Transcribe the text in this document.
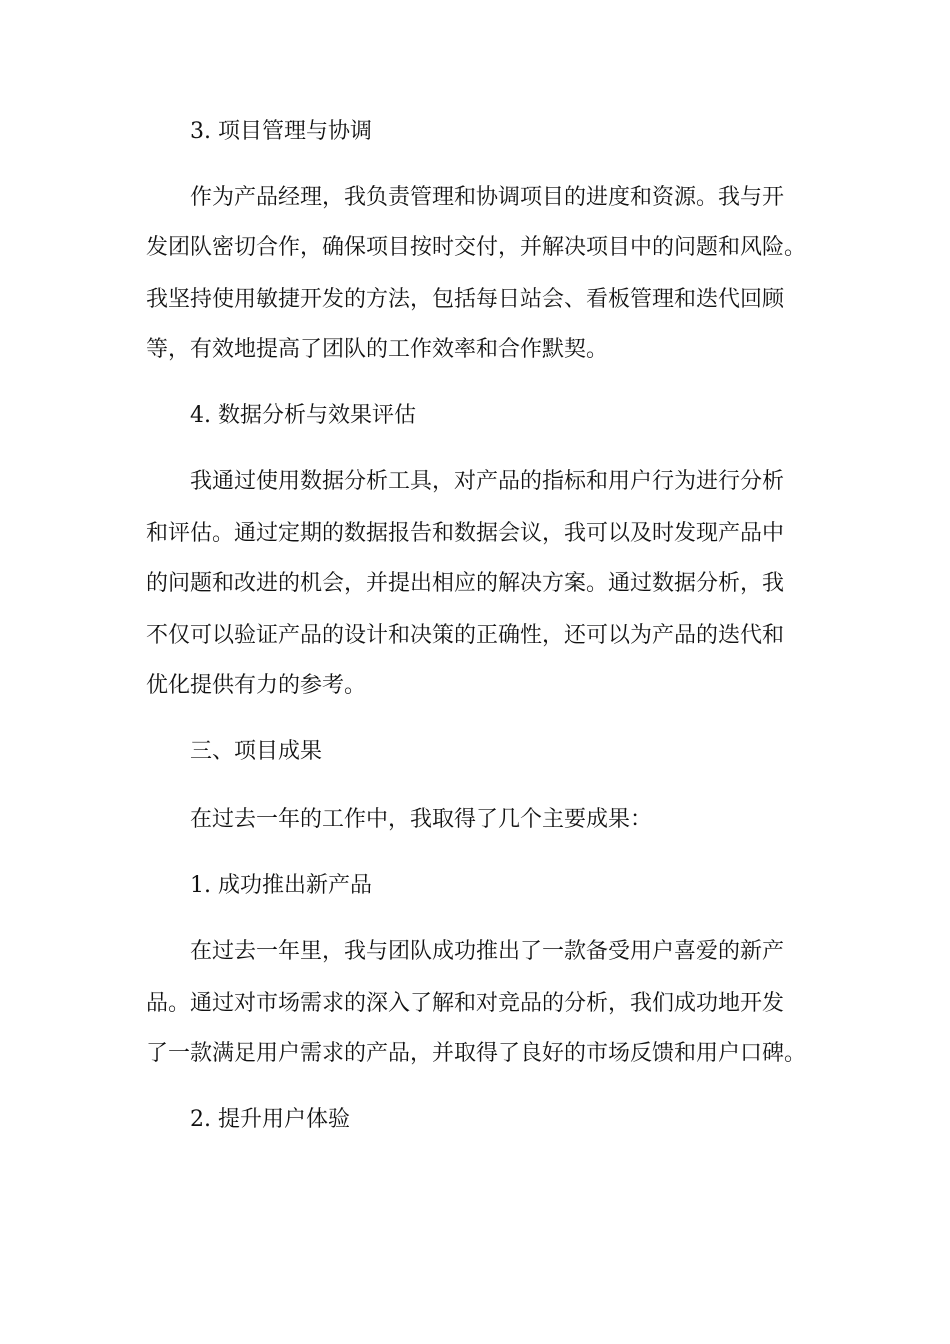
3. 项目管理与协调
作为产品经理，我负责管理和协调项目的进度和资源。我与开
发团队密切合作，确保项目按时交付，并解决项目中的问题和风险。
我坚持使用敏捷开发的方法，包括每日站会、看板管理和迭代回顾
等，有效地提高了团队的工作效率和合作默契。
4. 数据分析与效果评估
我通过使用数据分析工具，对产品的指标和用户行为进行分析
和评估。通过定期的数据报告和数据会议，我可以及时发现产品中
的问题和改进的机会，并提出相应的解决方案。通过数据分析，我
不仅可以验证产品的设计和决策的正确性，还可以为产品的迭代和
优化提供有力的参考。
三、项目成果
在过去一年的工作中，我取得了几个主要成果：
1. 成功推出新产品
在过去一年里，我与团队成功推出了一款备受用户喜爱的新产
品。通过对市场需求的深入了解和对竞品的分析，我们成功地开发
了一款满足用户需求的产品，并取得了良好的市场反馈和用户口碑。
2. 提升用户体验
